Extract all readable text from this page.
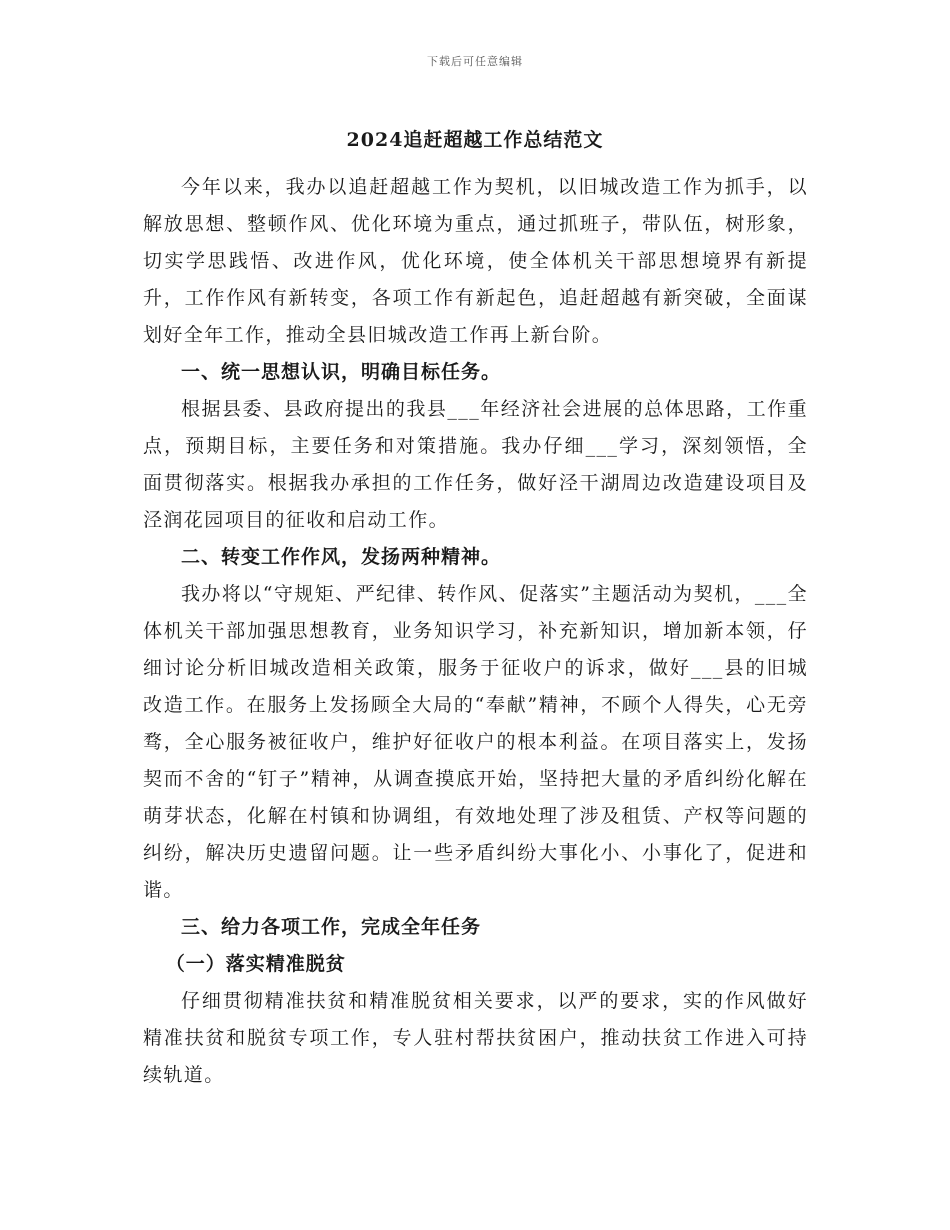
下载后可任意编辑
2024追赶超越工作总结范文

今年以来，我办以追赶超越工作为契机，以旧城改造工作为抓手，以解放思想、整顿作风、优化环境为重点，通过抓班子，带队伍，树形象，切实学思践悟、改进作风，优化环境，使全体机关干部思想境界有新提升，工作作风有新转变，各项工作有新起色，追赶超越有新突破，全面谋划好全年工作，推动全县旧城改造工作再上新台阶。

一、统一思想认识，明确目标任务。

根据县委、县政府提出的我县___年经济社会进展的总体思路，工作重点，预期目标，主要任务和对策措施。我办仔细___学习，深刻领悟，全面贯彻落实。根据我办承担的工作任务，做好泾干湖周边改造建设项目及泾润花园项目的征收和启动工作。

二、转变工作作风，发扬两种精神。

我办将以“守规矩、严纪律、转作风、促落实”主题活动为契机，___全体机关干部加强思想教育，业务知识学习，补充新知识，增加新本领，仔细讨论分析旧城改造相关政策，服务于征收户的诉求，做好___县的旧城改造工作。在服务上发扬顾全大局的“奉献”精神，不顾个人得失，心无旁骛，全心服务被征收户，维护好征收户的根本利益。在项目落实上，发扬契而不舍的“钉子”精神，从调查摸底开始，坚持把大量的矛盾纠纷化解在萌芽状态，化解在村镇和协调组，有效地处理了涉及租赁、产权等问题的纠纷，解决历史遗留问题。让一些矛盾纠纷大事化小、小事化了，促进和谐。

三、给力各项工作，完成全年任务

（一）落实精准脱贫

仔细贯彻精准扶贫和精准脱贫相关要求，以严的要求，实的作风做好精准扶贫和脱贫专项工作，专人驻村帮扶贫困户，推动扶贫工作进入可持续轨道。
